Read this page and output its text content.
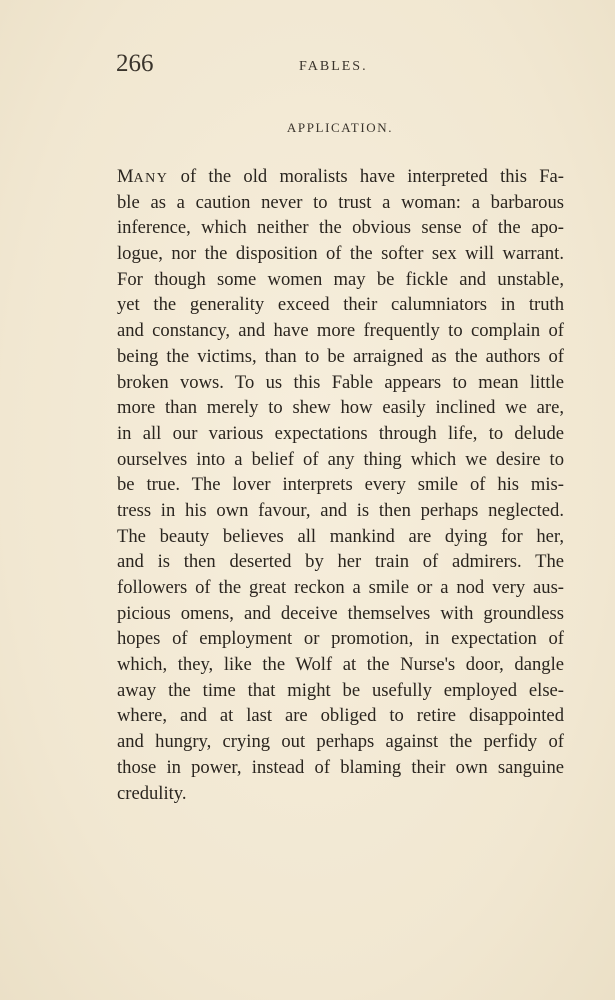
266	FABLES.
APPLICATION.
MANY of the old moralists have interpreted this Fa-
ble as a caution never to trust a woman: a barbarous
inference, which neither the obvious sense of the apo-
logue, nor the disposition of the softer sex will warrant.
For though some women may be fickle and unstable,
yet the generality exceed their calumniators in truth
and constancy, and have more frequently to complain of
being the victims, than to be arraigned as the authors of
broken vows. To us this Fable appears to mean little
more than merely to shew how easily inclined we are,
in all our various expectations through life, to delude
ourselves into a belief of any thing which we desire to
be true. The lover interprets every smile of his mis-
tress in his own favour, and is then perhaps neglected.
The beauty believes all mankind are dying for her,
and is then deserted by her train of admirers. The
followers of the great reckon a smile or a nod very aus-
picious omens, and deceive themselves with groundless
hopes of employment or promotion, in expectation of
which, they, like the Wolf at the Nurse's door, dangle
away the time that might be usefully employed else-
where, and at last are obliged to retire disappointed
and hungry, crying out perhaps against the perfidy of
those in power, instead of blaming their own sanguine
credulity.
